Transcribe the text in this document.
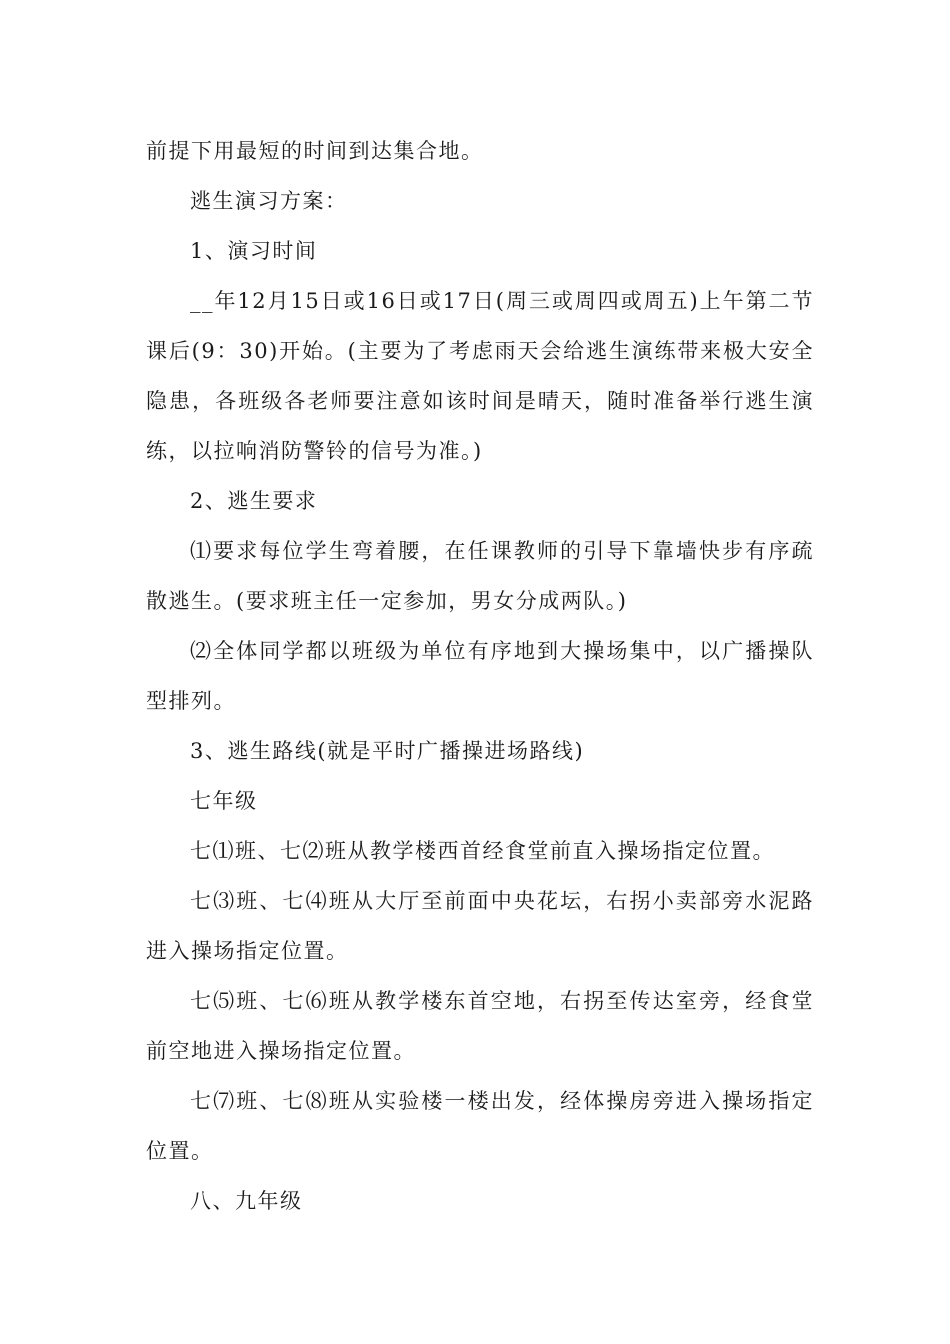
前提下用最短的时间到达集合地。
逃生演习方案：
1、演习时间
__年12月15日或16日或17日(周三或周四或周五)上午第二节
课后(9：30)开始。(主要为了考虑雨天会给逃生演练带来极大安全
隐患，各班级各老师要注意如该时间是晴天，随时准备举行逃生演
练，以拉响消防警铃的信号为准。)
2、逃生要求
⑴要求每位学生弯着腰，在任课教师的引导下靠墙快步有序疏
散逃生。(要求班主任一定参加，男女分成两队。)
⑵全体同学都以班级为单位有序地到大操场集中，以广播操队
型排列。
3、逃生路线(就是平时广播操进场路线)
七年级
七⑴班、七⑵班从教学楼西首经食堂前直入操场指定位置。
七⑶班、七⑷班从大厅至前面中央花坛，右拐小卖部旁水泥路
进入操场指定位置。
七⑸班、七⑹班从教学楼东首空地，右拐至传达室旁，经食堂
前空地进入操场指定位置。
七⑺班、七⑻班从实验楼一楼出发，经体操房旁进入操场指定
位置。
八、九年级
